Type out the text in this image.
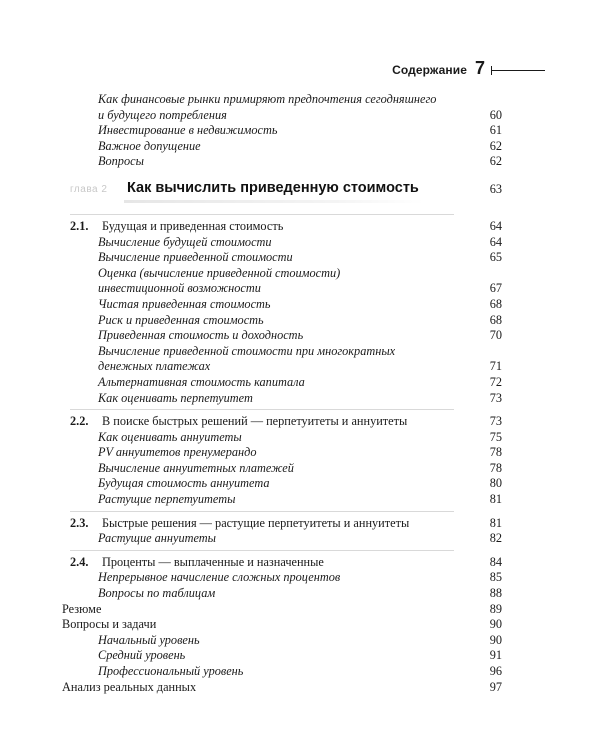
Содержание 7
Как финансовые рынки примиряют предпочтения сегодняшнего
и будущего потребления	60
Инвестирование в недвижимость	61
Важное допущение	62
Вопросы	62
глава 2 Как вычислить приведенную стоимость	63
2.1. Будущая и приведенная стоимость	64
Вычисление будущей стоимости	64
Вычисление приведенной стоимости	65
Оценка (вычисление приведенной стоимости)
инвестиционной возможности	67
Чистая приведенная стоимость	68
Риск и приведенная стоимость	68
Приведенная стоимость и доходность	70
Вычисление приведенной стоимости при многократных
денежных платежах	71
Альтернативная стоимость капитала	72
Как оценивать перпетуитет	73
2.2. В поиске быстрых решений — перпетуитеты и аннуитеты	73
Как оценивать аннуитеты	75
PV аннуитетов пренумерандо	78
Вычисление аннуитетных платежей	78
Будущая стоимость аннуитета	80
Растущие перпетуитеты	81
2.3. Быстрые решения — растущие перпетуитеты и аннуитеты	81
Растущие аннуитеты	82
2.4. Проценты — выплаченные и назначенные	84
Непрерывное начисление сложных процентов	85
Вопросы по таблицам	88
Резюме	89
Вопросы и задачи	90
Начальный уровень	90
Средний уровень	91
Профессиональный уровень	96
Анализ реальных данных	97
